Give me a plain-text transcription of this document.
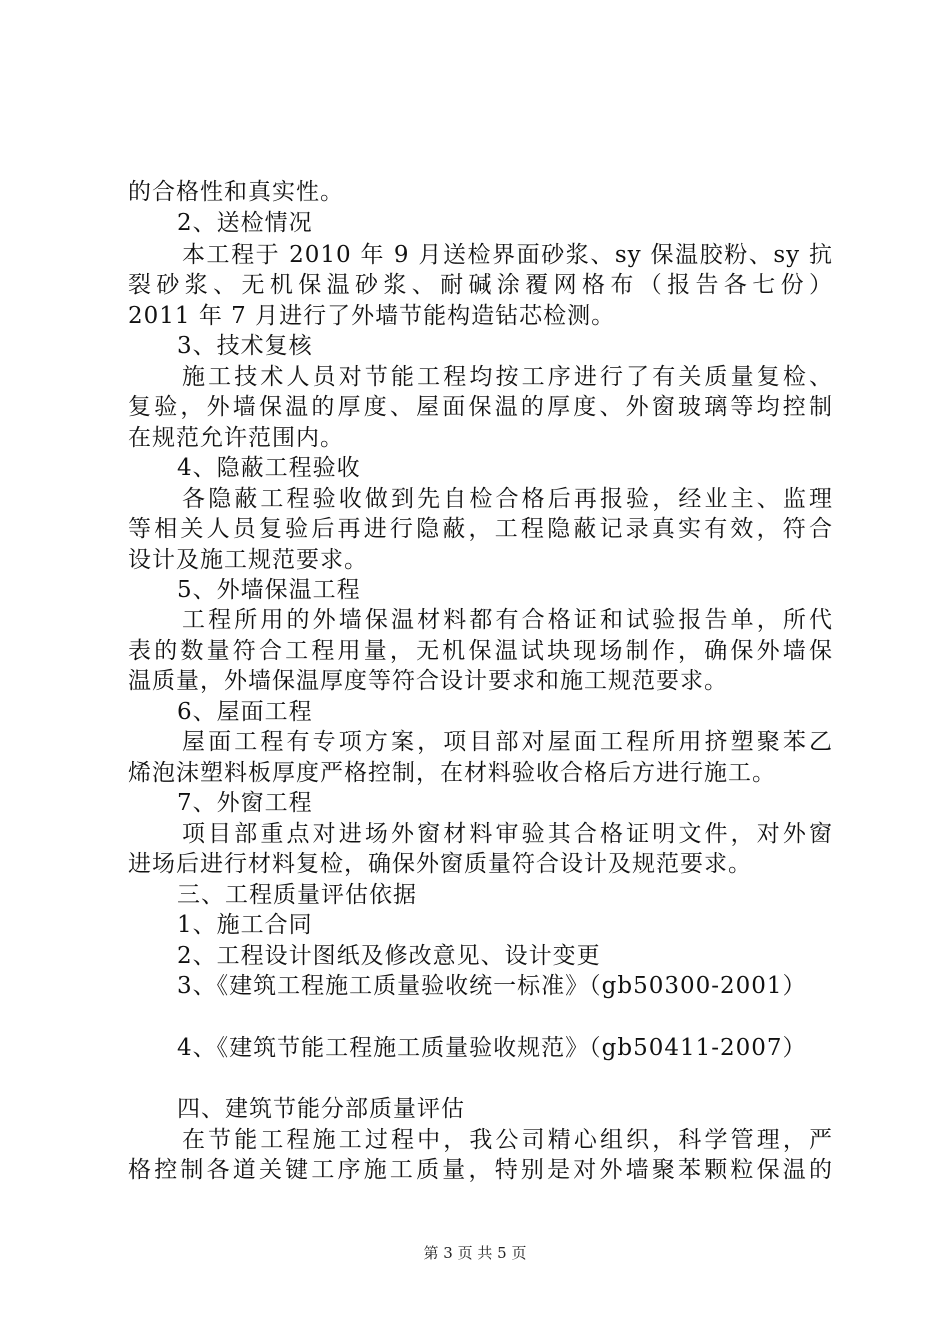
的合格性和真实性。
2、送检情况
本工程于 2010 年 9 月送检界面砂浆、sy 保温胶粉、sy 抗
裂砂浆、无机保温砂浆、耐碱涂覆网格布（报告各七份）
2011 年 7 月进行了外墙节能构造钻芯检测。
3、技术复核
施工技术人员对节能工程均按工序进行了有关质量复检、
复验，外墙保温的厚度、屋面保温的厚度、外窗玻璃等均控制
在规范允许范围内。
4、隐蔽工程验收
各隐蔽工程验收做到先自检合格后再报验，经业主、监理
等相关人员复验后再进行隐蔽，工程隐蔽记录真实有效，符合
设计及施工规范要求。
5、外墙保温工程
工程所用的外墙保温材料都有合格证和试验报告单，所代
表的数量符合工程用量，无机保温试块现场制作，确保外墙保
温质量，外墙保温厚度等符合设计要求和施工规范要求。
6、屋面工程
屋面工程有专项方案，项目部对屋面工程所用挤塑聚苯乙
烯泡沫塑料板厚度严格控制，在材料验收合格后方进行施工。
7、外窗工程
项目部重点对进场外窗材料审验其合格证明文件，对外窗
进场后进行材料复检，确保外窗质量符合设计及规范要求。
三、工程质量评估依据
1、施工合同
2、工程设计图纸及修改意见、设计变更
3、《建筑工程施工质量验收统一标准》（gb50300-2001）
4、《建筑节能工程施工质量验收规范》（gb50411-2007）
四、建筑节能分部质量评估
在节能工程施工过程中，我公司精心组织，科学管理，严
格控制各道关键工序施工质量，特别是对外墙聚苯颗粒保温的
第 3 页 共 5 页
